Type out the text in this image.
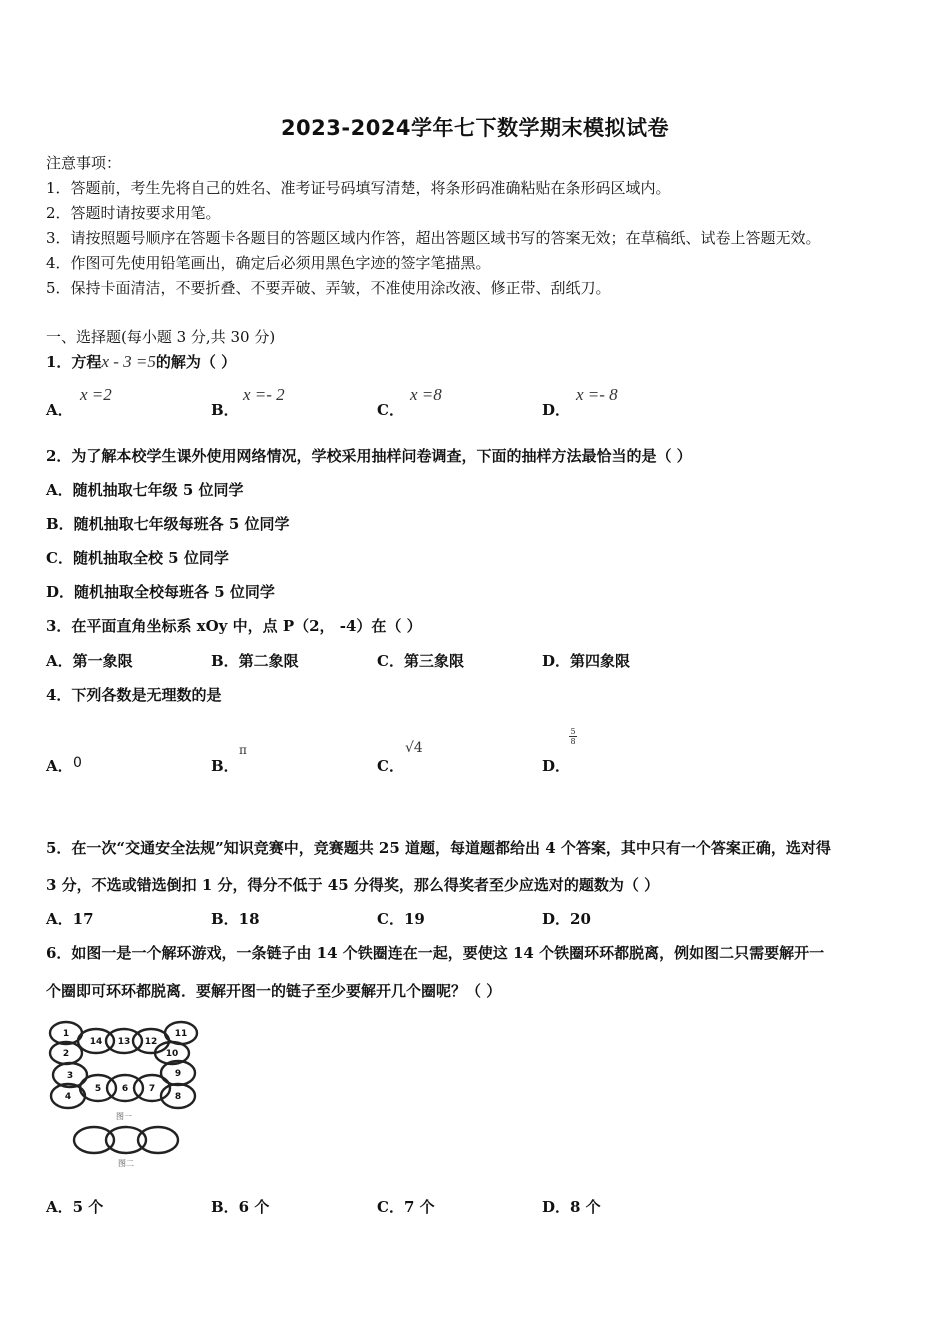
2023-2024学年七下数学期末模拟试卷
注意事项：
1．答题前，考生先将自己的姓名、准考证号码填写清楚，将条形码准确粘贴在条形码区域内。
2．答题时请按要求用笔。
3．请按照题号顺序在答题卡各题目的答题区域内作答，超出答题区域书写的答案无效；在草稿纸、试卷上答题无效。
4．作图可先使用铅笔画出，确定后必须用黑色字迹的签字笔描黑。
5．保持卡面清洁，不要折叠、不要弄破、弄皱，不准使用涂改液、修正带、刮纸刀。
一、选择题(每小题 3 分,共 30 分)
1．方程x - 3 =5的解为（ ）
A．
x =2
B．
x =- 2
C．
x =8
D．
x =- 8
2．为了解本校学生课外使用网络情况，学校采用抽样问卷调查，下面的抽样方法最恰当的是（ ）
A．随机抽取七年级 5 位同学
B．随机抽取七年级每班各 5 位同学
C．随机抽取全校 5 位同学
D．随机抽取全校每班各 5 位同学
3．在平面直角坐标系 xOy 中，点 P（2， -4）在（ ）
A．第一象限	B．第二象限	C．第三象限	D．第四象限
4．下列各数是无理数的是
A． 0	B．
π
C．
√4
D．
5
8
5．在一次“交通安全法规”知识竞赛中，竞赛题共 25 道题，每道题都给出 4 个答案，其中只有一个答案正确，选对得
3 分，不选或错选倒扣 1 分，得分不低于 45 分得奖，那么得奖者至少应选对的题数为（ ）
A．17	B．18	C．19	D．20
6．如图一是一个解环游戏，一条链子由 14 个铁圈连在一起，要使这 14 个铁圈环环都脱离，例如图二只需要解开一
个圈即可环环都脱离．要解开图一的链子至少要解开几个圈呢？（ ）
1
14 13 12
11
2	10
3	9
4
5 6 7
8
图一
图二
A．5 个	B．6 个	C．7 个	D．8 个
